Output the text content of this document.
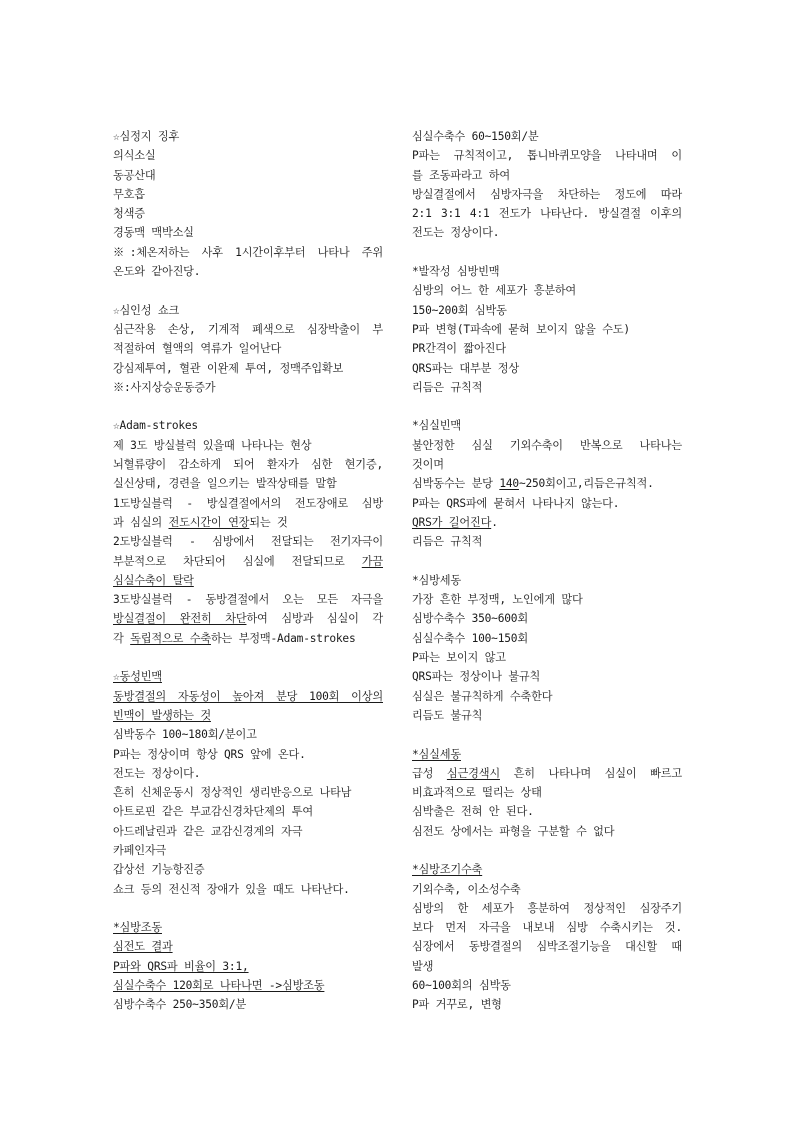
☆심정지 징후
의식소실
동공산대
무호흡
청색증
경동맥 맥박소실
※:체온저하는 사후 1시간이후부터 나타나 주위
온도와 같아진당.
☆심인성 쇼크
심근작용 손상, 기계적 폐색으로 심장박출이 부
적절하여 혈액의 역류가 일어난다
강심제투여, 혈관 이완제 투여, 정맥주입확보
※:사지상승운동증가
☆Adam-strokes
제 3도 방실블럭 있을때 나타나는 현상
뇌혈류량이 감소하게 되어 환자가 심한 현기증,
실신상태, 경련을 일으키는 발작상태를 말함
1도방실블럭 - 방실결절에서의 전도장애로 심방
과 심실의 전도시간이 연장되는 것
2도방실블럭 - 심방에서 전달되는 전기자극이
부분적으로 차단되어 심실에 전달되므로 가끔
심실수축이 탈락
3도방실블럭 - 동방결절에서 오는 모든 자극을
방실결절이 완전히 차단하여 심방과 심실이 각
각 독립적으로 수축하는 부정맥-Adam-strokes
☆동성빈맥
동방결절의 자동성이 높아져 분당 100회 이상의
빈맥이 발생하는 것
심박동수 100~180회/분이고
P파는 정상이며 항상 QRS 앞에 온다.
전도는 정상이다.
흔히 신체운동시 정상적인 생리반응으로 나타남
아트로핀 같은 부교감신경차단제의 투여
아드레날린과 같은 교감신경계의 자극
카페인자극
갑상선 기능항진증
쇼크 등의 전신적 장애가 있을 때도 나타난다.
*심방조동
심전도 결과
P파와 QRS파 비율이 3:1,
심실수축수 120회로 나타나면 ->심방조동
심방수축수 250~350회/분
심실수축수 60~150회/분
P파는 규칙적이고, 톱니바퀴모양을 나타내며 이
를 조동파라고 하여
방실결절에서 심방자극을 차단하는 정도에 따라
2:1 3:1 4:1 전도가 나타난다. 방실결절 이후의
전도는 정상이다.
*발작성 심방빈맥
심방의 어느 한 세포가 흥분하여
150~200회 심박동
P파 변형(T파속에 묻혀 보이지 않을 수도)
PR간격이 짧아진다
QRS파는 대부분 정상
리듬은 규칙적
*심실빈맥
불안정한 심실 기외수축이 반복으로 나타나는
것이며
심박동수는 분당 140~250회이고,리듬은규칙적.
P파는 QRS파에 묻혀서 나타나지 않는다.
QRS가 길어진다.
리듬은 규칙적
*심방세동
가장 흔한 부정맥, 노인에게 많다
심방수축수 350~600회
심실수축수 100~150회
P파는 보이지 않고
QRS파는 정상이나 불규칙
심실은 불규칙하게 수축한다
리듬도 불규칙
*심실세동
급성 심근경색시 흔히 나타나며 심실이 빠르고
비효과적으로 떨리는 상태
심박출은 전혀 안 된다.
심전도 상에서는 파형을 구분할 수 없다
*심방조기수축
기외수축, 이소성수축
심방의 한 세포가 흥분하여 정상적인 심장주기
보다 먼저 자극을 내보내 심방 수축시키는 것.
심장에서 동방결절의 심박조절기능을 대신할 때
발생
60~100회의 심박동
P파 거꾸로, 변형
